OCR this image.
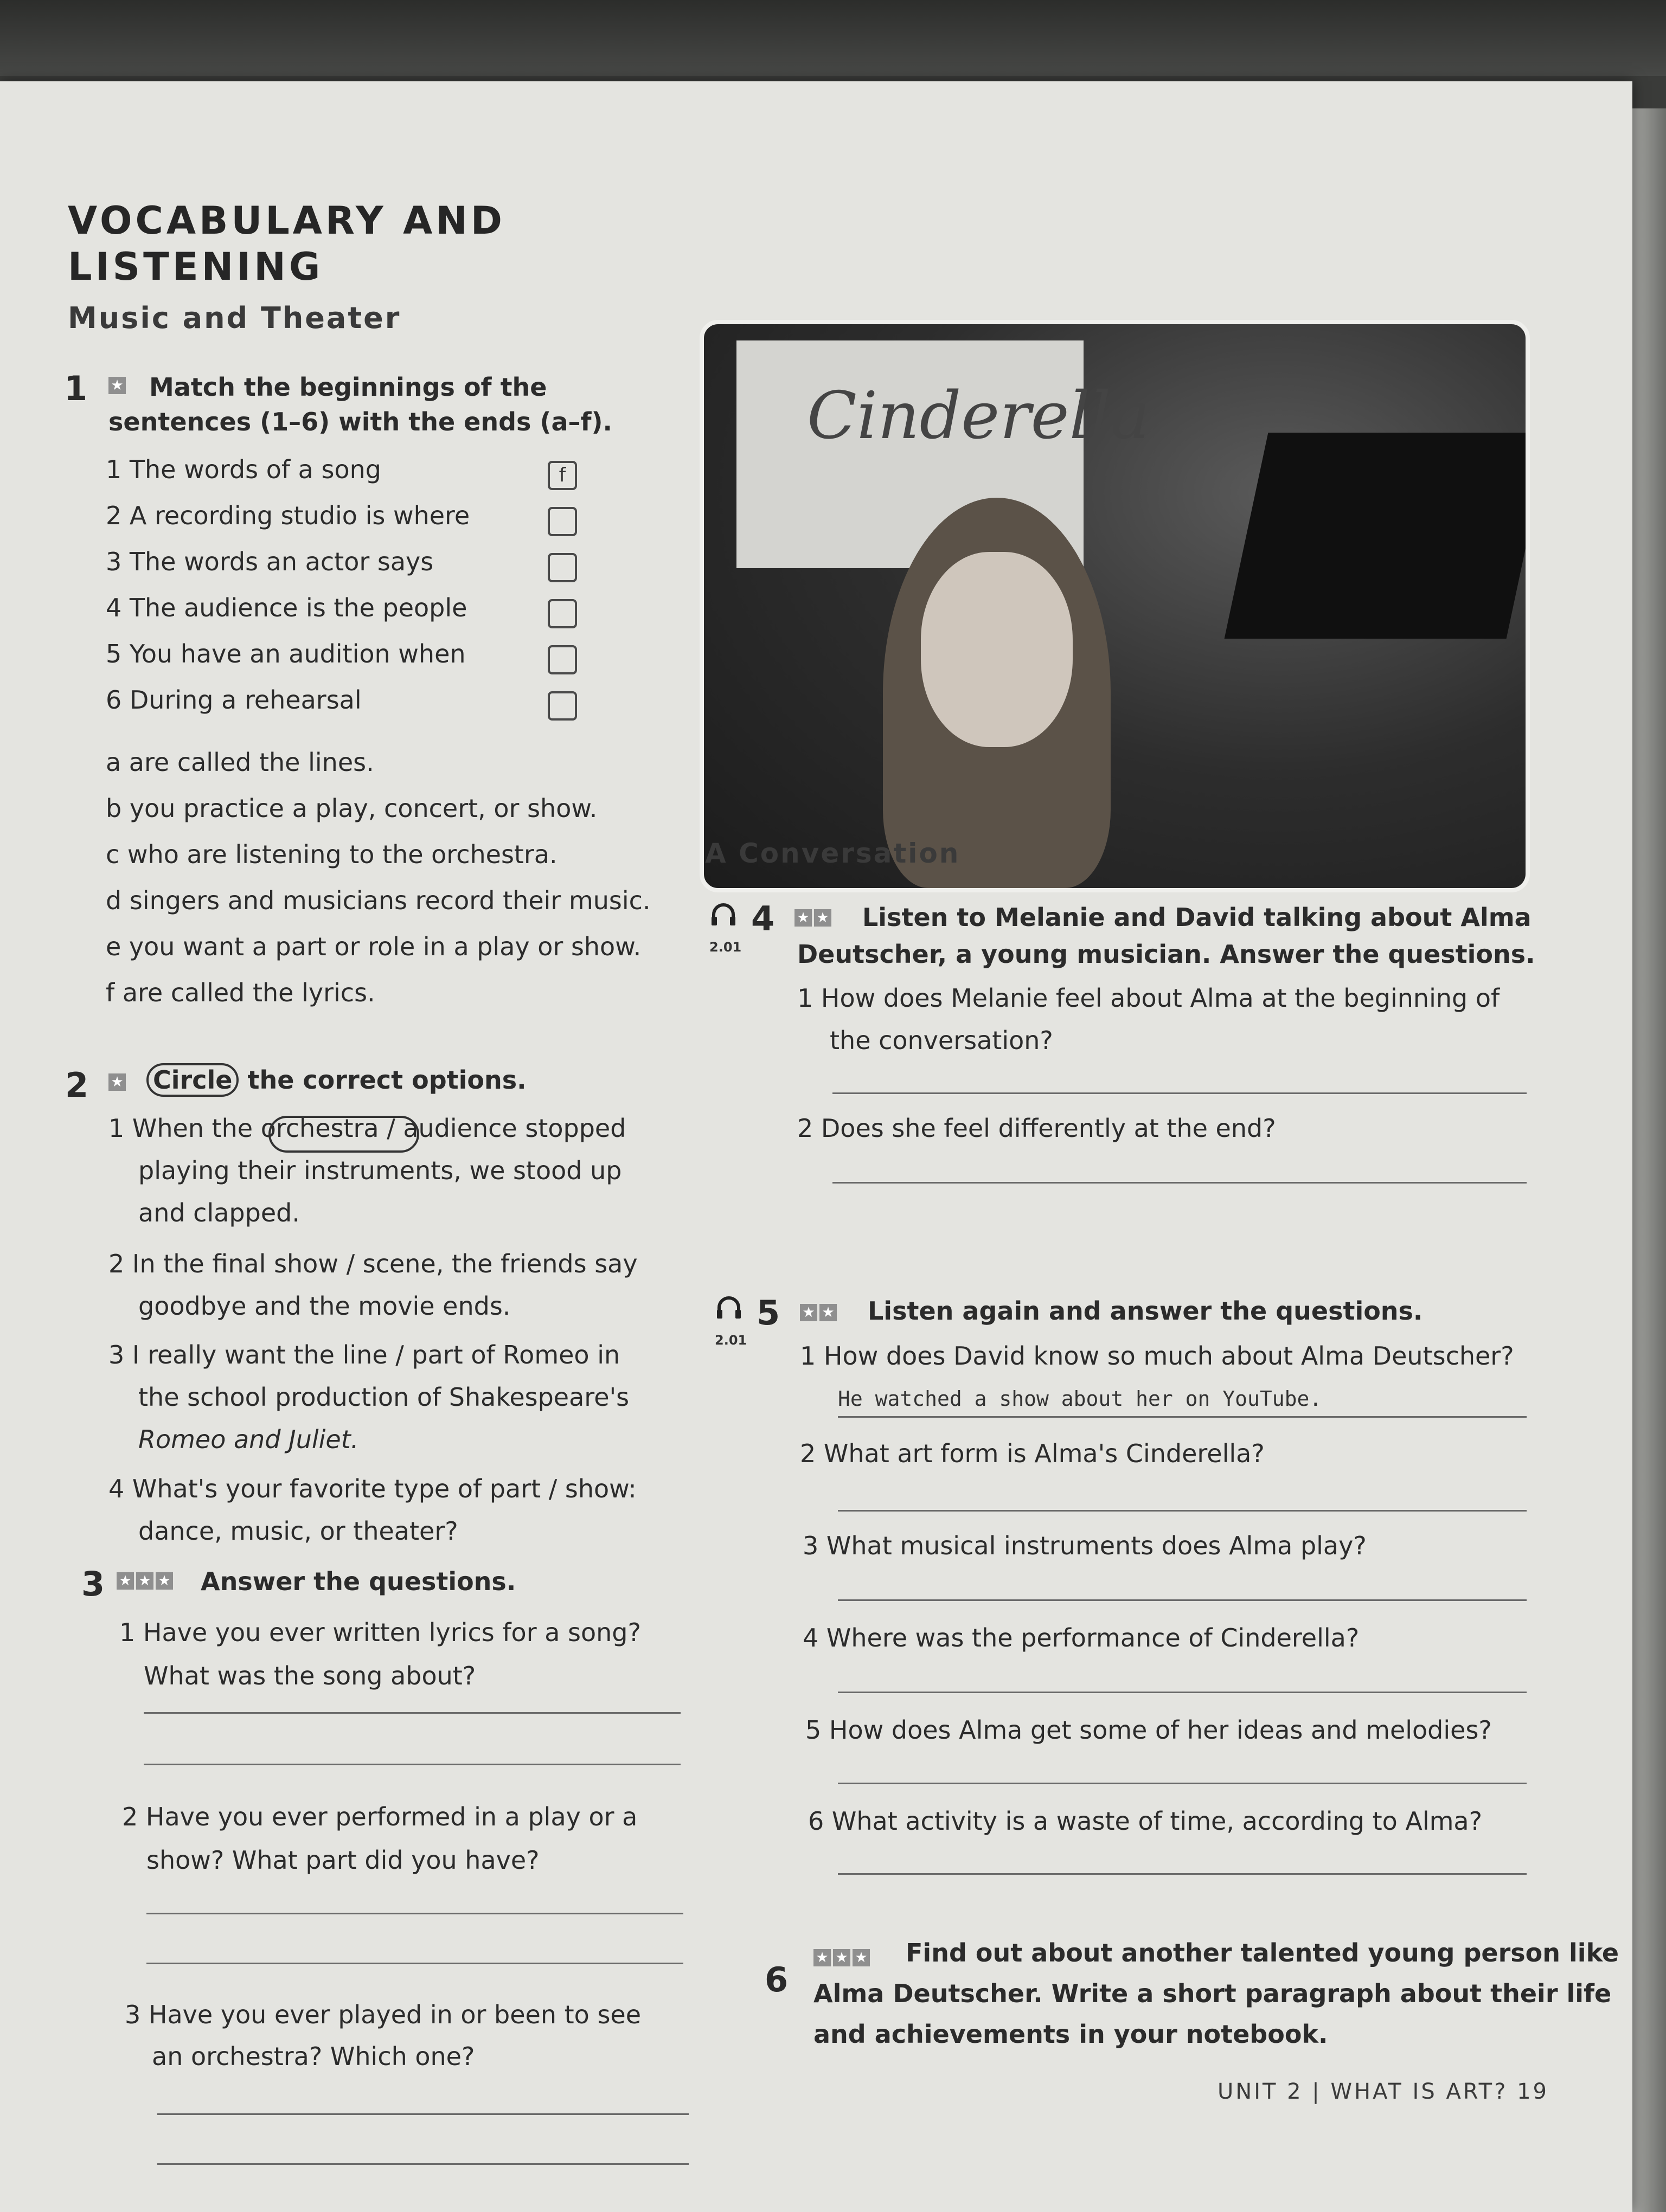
VOCABULARY AND
LISTENING
Music and Theater
1 ★	Match the beginnings of the sentences (1–6) with the ends (a–f).
1 The words of a song
2 A recording studio is where
3 The words an actor says
4 The audience is the people
5 You have an audition when
6 During a rehearsal
f
a are called the lines.
b you practice a play, concert, or show.
c who are listening to the orchestra.
d singers and musicians record their music.
e you want a part or role in a play or show.
f are called the lyrics.
Cinderella
2 ★ Circle the correct options.
1 When the orchestra / audience stopped
playing their instruments, we stood up
and clapped.
2 In the final show / scene, the friends say
goodbye and the movie ends.
3 I really want the line / part of Romeo in
the school production of Shakespeare's
Romeo and Juliet.
4 What's your favorite type of part / show:
dance, music, or theater?
3 ★ ★ ★ Answer the questions.
1 Have you ever written lyrics for a song?
What was the song about?
2 Have you ever performed in a play or a
show? What part did you have?
3 Have you ever played in or been to see
an orchestra? Which one?
A Conversation
2.01
4 ★ ★ Listen to Melanie and David talking about Alma
Deutscher, a young musician. Answer the questions.
1 How does Melanie feel about Alma at the beginning of
the conversation?
2 Does she feel differently at the end?
2.01
5 ★ ★ Listen again and answer the questions.
1 How does David know so much about Alma Deutscher?
He watched a show about her on YouTube.
2 What art form is Alma's Cinderella?
3 What musical instruments does Alma play?
4 Where was the performance of Cinderella?
5 How does Alma get some of her ideas and melodies?
6 What activity is a waste of time, according to Alma?
6
★ ★ ★ Find out about another talented young person like
Alma Deutscher. Write a short paragraph about their life
and achievements in your notebook.
UNIT 2 | WHAT IS ART? 19
